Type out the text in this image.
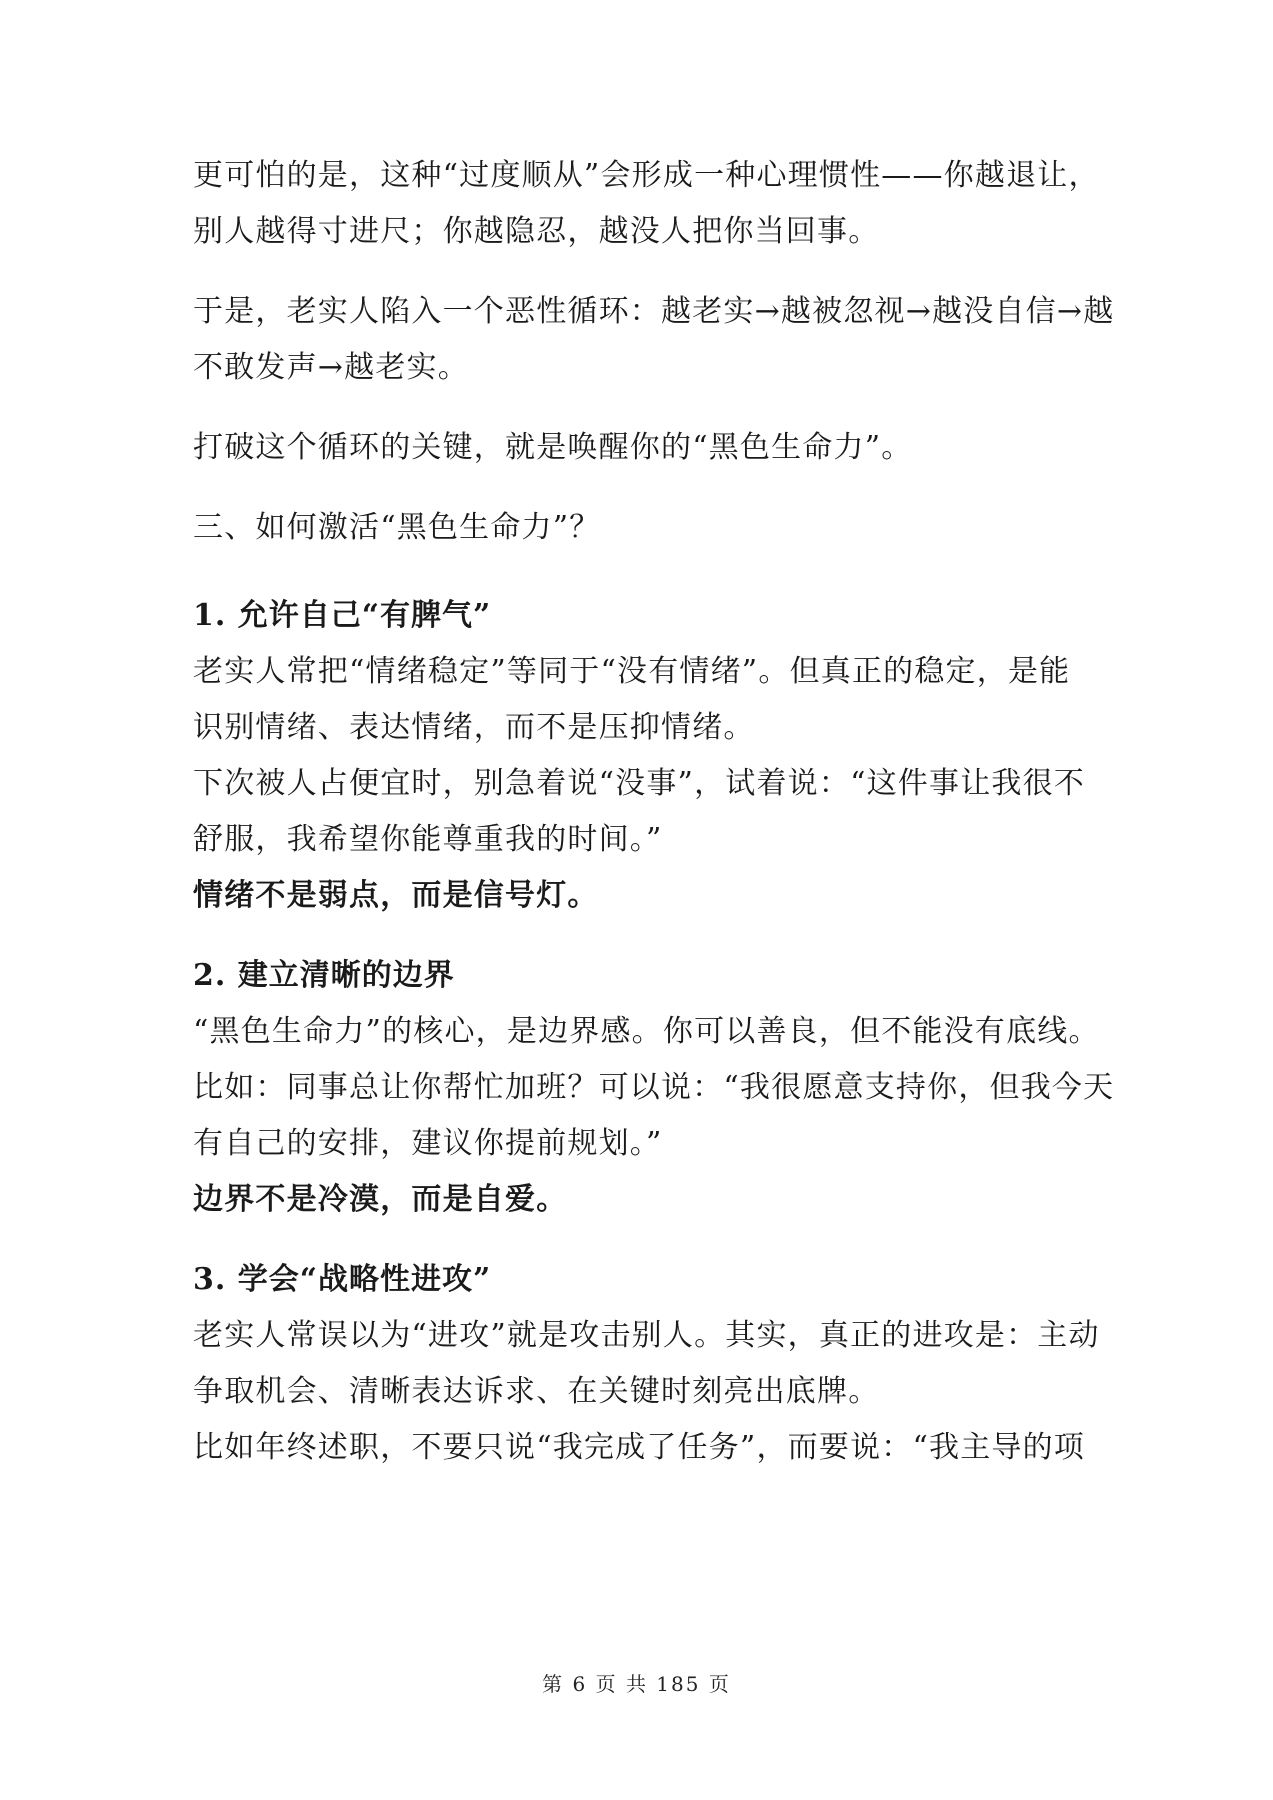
更可怕的是，这种“过度顺从”会形成一种心理惯性——你越退让，

别人越得寸进尺；你越隐忍，越没人把你当回事。

于是，老实人陷入一个恶性循环：越老实→越被忽视→越没自信→越

不敢发声→越老实。

打破这个循环的关键，就是唤醒你的“黑色生命力”。

三、如何激活“黑色生命力”？

1. 允许自己“有脾气”

老实人常把“情绪稳定”等同于“没有情绪”。但真正的稳定，是能

识别情绪、表达情绪，而不是压抑情绪。

下次被人占便宜时，别急着说“没事”，试着说：“这件事让我很不

舒服，我希望你能尊重我的时间。”

情绪不是弱点，而是信号灯。

2. 建立清晰的边界

“黑色生命力”的核心，是边界感。你可以善良，但不能没有底线。

比如：同事总让你帮忙加班？可以说：“我很愿意支持你，但我今天

有自己的安排，建议你提前规划。”

边界不是冷漠，而是自爱。

3. 学会“战略性进攻”

老实人常误以为“进攻”就是攻击别人。其实，真正的进攻是：主动

争取机会、清晰表达诉求、在关键时刻亮出底牌。

比如年终述职，不要只说“我完成了任务”，而要说：“我主导的项

第 6 页 共 185 页
